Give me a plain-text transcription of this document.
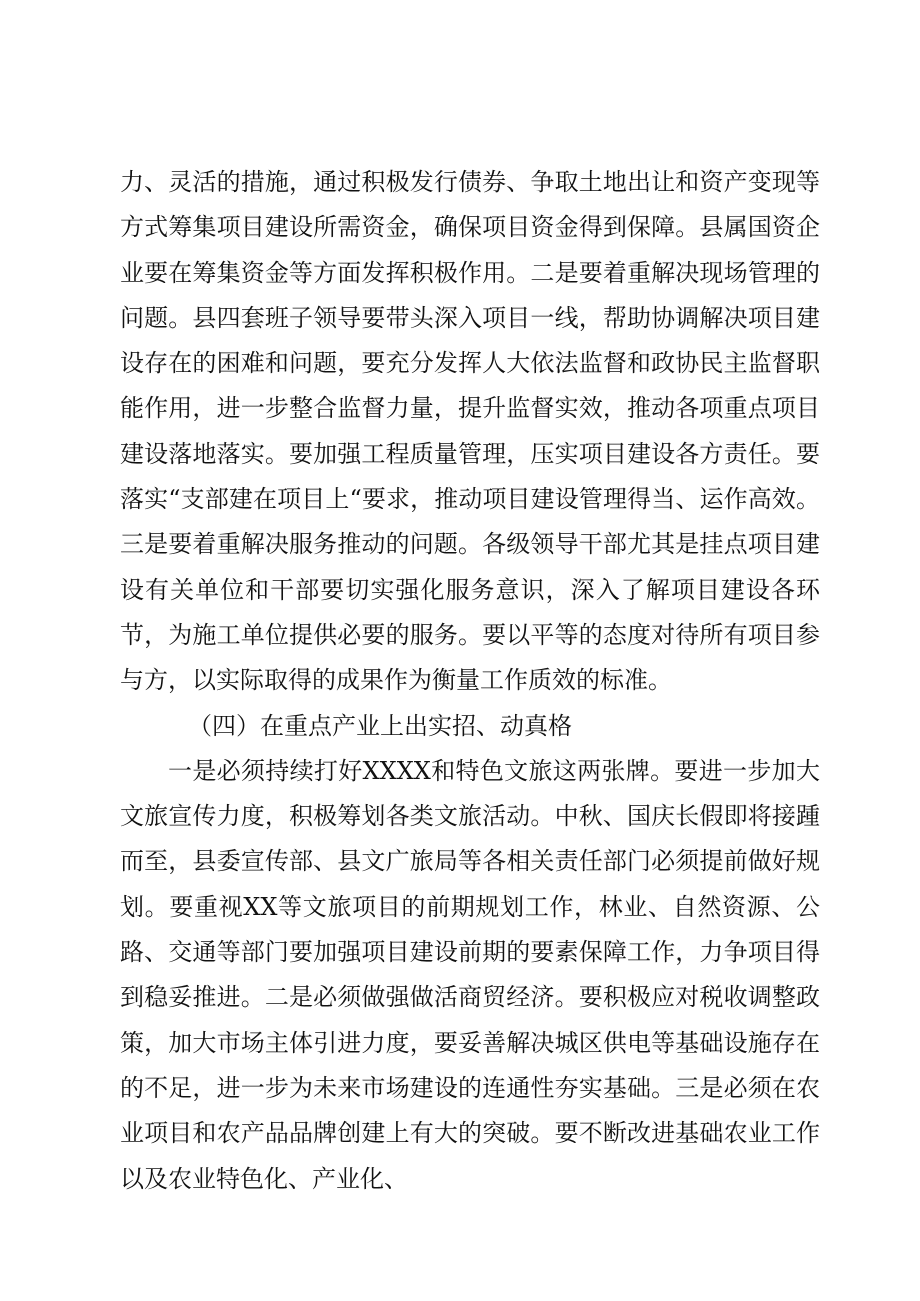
力、灵活的措施，通过积极发行债券、争取土地出让和资产变现等方式筹集项目建设所需资金，确保项目资金得到保障。县属国资企业要在筹集资金等方面发挥积极作用。二是要着重解决现场管理的问题。县四套班子领导要带头深入项目一线，帮助协调解决项目建设存在的困难和问题，要充分发挥人大依法监督和政协民主监督职能作用，进一步整合监督力量，提升监督实效，推动各项重点项目建设落地落实。要加强工程质量管理，压实项目建设各方责任。要落实“支部建在项目上“要求，推动项目建设管理得当、运作高效。三是要着重解决服务推动的问题。各级领导干部尤其是挂点项目建设有关单位和干部要切实强化服务意识，深入了解项目建设各环节，为施工单位提供必要的服务。要以平等的态度对待所有项目参与方，以实际取得的成果作为衡量工作质效的标准。

（四）在重点产业上出实招、动真格

一是必须持续打好XXXX和特色文旅这两张牌。要进一步加大文旅宣传力度，积极筹划各类文旅活动。中秋、国庆长假即将接踵而至，县委宣传部、县文广旅局等各相关责任部门必须提前做好规划。要重视XX等文旅项目的前期规划工作，林业、自然资源、公路、交通等部门要加强项目建设前期的要素保障工作，力争项目得到稳妥推进。二是必须做强做活商贸经济。要积极应对税收调整政策，加大市场主体引进力度，要妥善解决城区供电等基础设施存在的不足，进一步为未来市场建设的连通性夯实基础。三是必须在农业项目和农产品品牌创建上有大的突破。要不断改进基础农业工作以及农业特色化、产业化、
